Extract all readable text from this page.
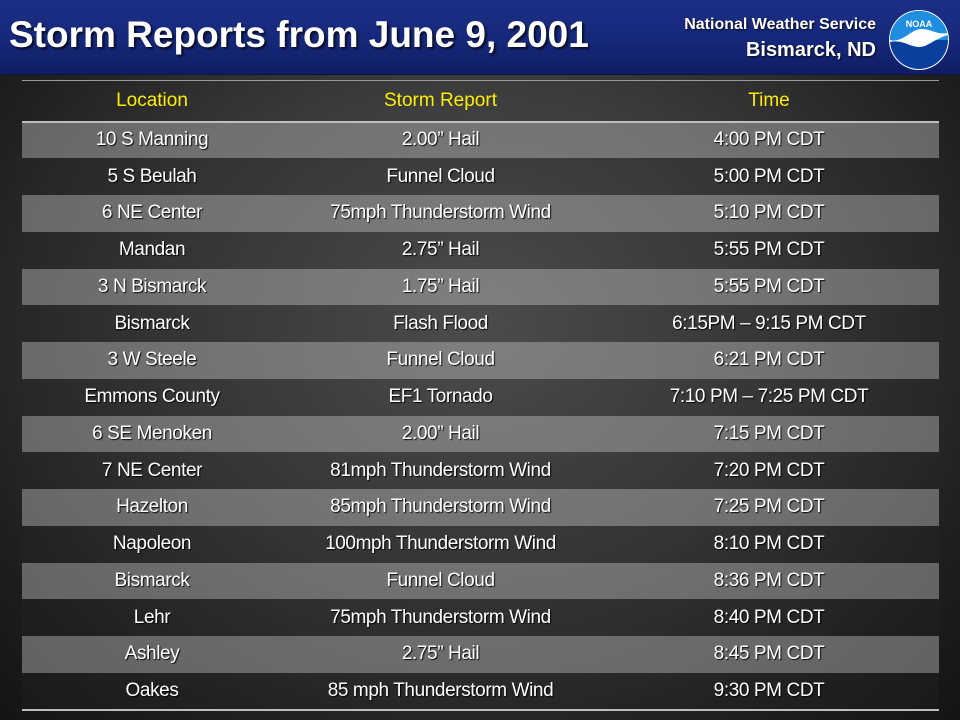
Storm Reports from June 9, 2001	National Weather Service
Bismarck, ND
NOAA
Location	Storm Report	Time
10 S Manning	2.00” Hail	4:00 PM CDT
5 S Beulah	Funnel Cloud	5:00 PM CDT
6 NE Center	75mph Thunderstorm Wind	5:10 PM CDT
Mandan	2.75” Hail	5:55 PM CDT
3 N Bismarck	1.75” Hail	5:55 PM CDT
Bismarck	Flash Flood	6:15PM – 9:15 PM CDT
3 W Steele	Funnel Cloud	6:21 PM CDT
Emmons County	EF1 Tornado	7:10 PM – 7:25 PM CDT
6 SE Menoken	2.00” Hail	7:15 PM CDT
7 NE Center	81mph Thunderstorm Wind	7:20 PM CDT
Hazelton	85mph Thunderstorm Wind	7:25 PM CDT
Napoleon	100mph Thunderstorm Wind	8:10 PM CDT
Bismarck	Funnel Cloud	8:36 PM CDT
Lehr	75mph Thunderstorm Wind	8:40 PM CDT
Ashley	2.75” Hail	8:45 PM CDT
Oakes	85 mph Thunderstorm Wind	9:30 PM CDT
